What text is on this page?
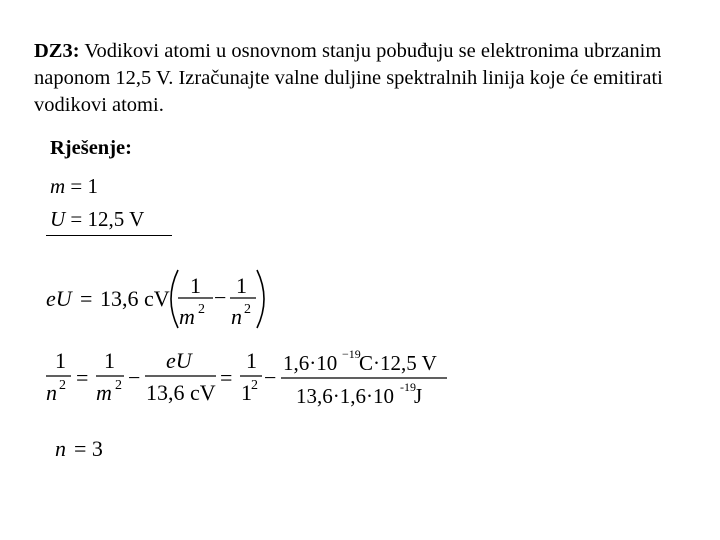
DZ3: Vodikovi atomi u osnovnom stanju pobuđuju se elektronima ubrzanim naponom 12,5 V. Izračunajte valne duljine spektralnih linija koje će emitirati vodikovi atomi.
Rješenje:
m = 1
U = 12,5 V
eU = 13,6 cV
1
m 2 − 1
n 2
1
n 2 =
1
m 2 −
eU
13,6 cV
=
1
1 2 −
1,6·10 −19
C·12,5 V
13,6·1,6·10 -19
J
n = 3
